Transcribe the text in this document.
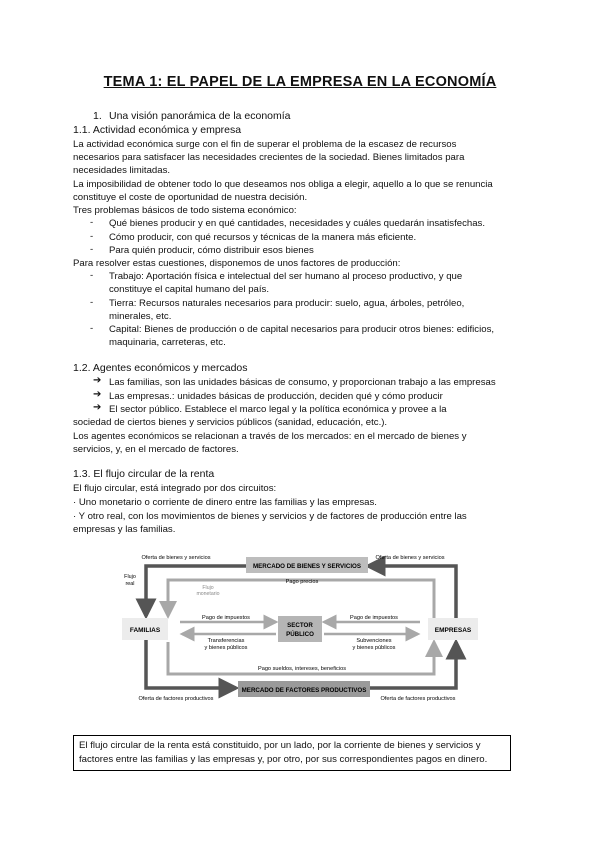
TEMA 1: EL PAPEL DE LA EMPRESA EN LA ECONOMÍA
1. Una visión panorámica de la economía
1.1. Actividad económica y empresa
La actividad económica surge con el fin de superar el problema de la escasez de recursos
necesarios para satisfacer las necesidades crecientes de la sociedad. Bienes limitados para
necesidades limitadas.
La imposibilidad de obtener todo lo que deseamos nos obliga a elegir, aquello a lo que se renuncia
constituye el coste de oportunidad de nuestra decisión.
Tres problemas básicos de todo sistema económico:
- Qué bienes producir y en qué cantidades, necesidades y cuáles quedarán insatisfechas.
- Cómo producir, con qué recursos y técnicas de la manera más eficiente.
- Para quién producir, cómo distribuir esos bienes
Para resolver estas cuestiones, disponemos de unos factores de producción:
- Trabajo: Aportación física e intelectual del ser humano al proceso productivo, y que
constituye el capital humano del país.
- Tierra: Recursos naturales necesarios para producir: suelo, agua, árboles, petróleo,
minerales, etc.
- Capital: Bienes de producción o de capital necesarios para producir otros bienes: edificios,
maquinaria, carreteras, etc.
1.2. Agentes económicos y mercados
➔ Las familias, son las unidades básicas de consumo, y proporcionan trabajo a las empresas
➔ Las empresas.: unidades básicas de producción, deciden qué y cómo producir
➔ El sector público. Establece el marco legal y la política económica y provee a la
sociedad de ciertos bienes y servicios públicos (sanidad, educación, etc.).
Los agentes económicos se relacionan a través de los mercados: en el mercado de bienes y
servicios, y, en el mercado de factores.
1.3. El flujo circular de la renta
El flujo circular, está integrado por dos circuitos:
· Uno monetario o corriente de dinero entre las familias y las empresas.
· Y otro real, con los movimientos de bienes y servicios y de factores de producción entre las
empresas y las familias.
MERCADO DE BIENES Y SERVICIOS
MERCADO DE FACTORES PRODUCTIVOS
FAMILIAS	EMPRESAS
SECTOR
PÚBLICO
Oferta de bienes y servicios	Oferta de bienes y servicios
Pago precios
Flujo
real
Flujo
monetario
Pago de impuestos
Transferencias
y bienes públicos
Pago de impuestos
Subvenciones
y bienes públicos
Pago sueldos, intereses, beneficios
Oferta de factores productivos	Oferta de factores productivos
El flujo circular de la renta está constituido, por un lado, por la corriente de bienes y servicios y
factores entre las familias y las empresas y, por otro, por sus correspondientes pagos en dinero.
